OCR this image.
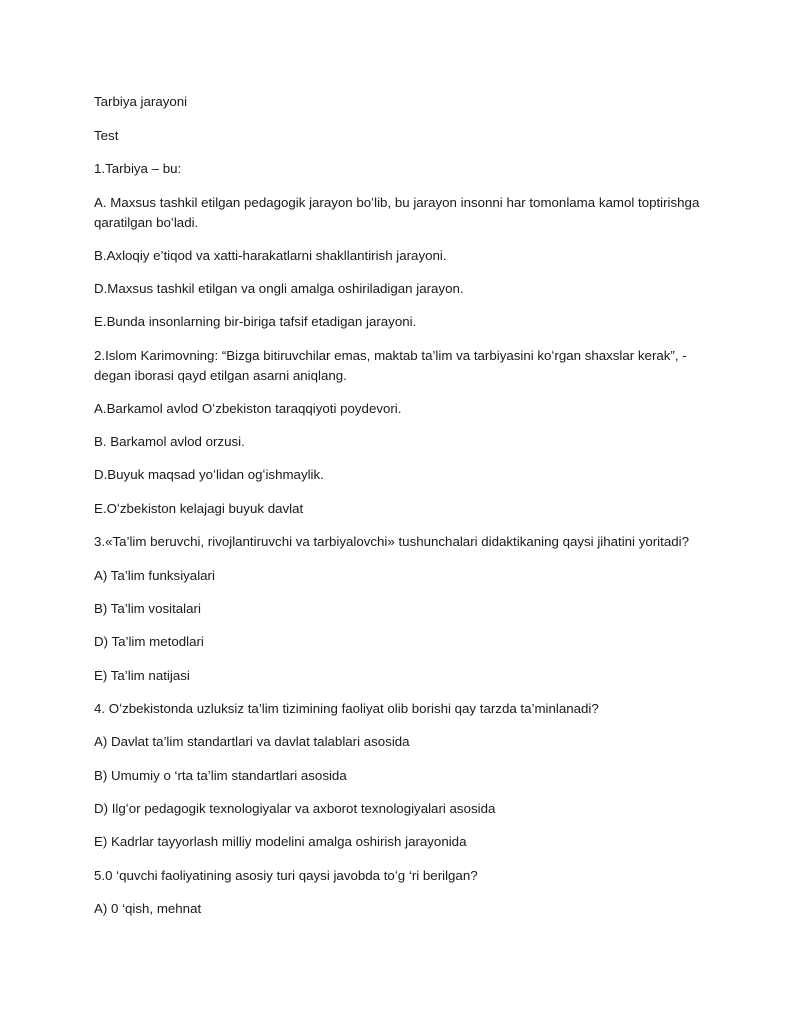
Tarbiya jarayoni
Test
1.Tarbiya – bu:
A. Maxsus tashkil etilgan pedagogik jarayon boʻlib, bu jarayon insonni har tomonlama kamol toptirishga qaratilgan boʻladi.
B.Axloqiy e’tiqod va xatti-harakatlarni shakllantirish jarayoni.
D.Maxsus tashkil etilgan va ongli amalga oshiriladigan jarayon.
E.Bunda insonlarning bir-biriga tafsif etadigan jarayoni.
2.Islom Karimovning: “Bizga bitiruvchilar emas, maktab ta’lim va tarbiyasini koʻrgan shaxslar kerak”, - degan iborasi qayd etilgan asarni aniqlang.
A.Barkamol avlod Oʻzbekiston taraqqiyoti poydevori.
B. Barkamol avlod orzusi.
D.Buyuk maqsad yoʻlidan ogʻishmaylik.
E.Oʻzbekiston kelajagi buyuk davlat
3.«Ta’lim beruvchi, rivojlantiruvchi va tarbiyalovchi» tushunchalari didaktikaning qaysi jihatini yoritadi?
A) Ta’lim funksiyalari
B) Ta’lim vositalari
D) Ta’lim metodlari
E) Ta’lim natijasi
4. Oʻzbekistonda uzluksiz ta’lim tizimining faoliyat olib borishi qay tarzda ta’minlanadi?
A) Davlat ta’lim standartlari va davlat talablari asosida
B) Umumiy o ‘rta ta’lim standartlari asosida
D) Ilgʻor pedagogik texnologiyalar va axborot texnologiyalari asosida
E) Kadrlar tayyorlash milliy modelini amalga oshirish jarayonida
5.0 ‘quvchi faoliyatining asosiy turi qaysi javobda toʻg ‘ri berilgan?
A) 0 ‘qish, mehnat
